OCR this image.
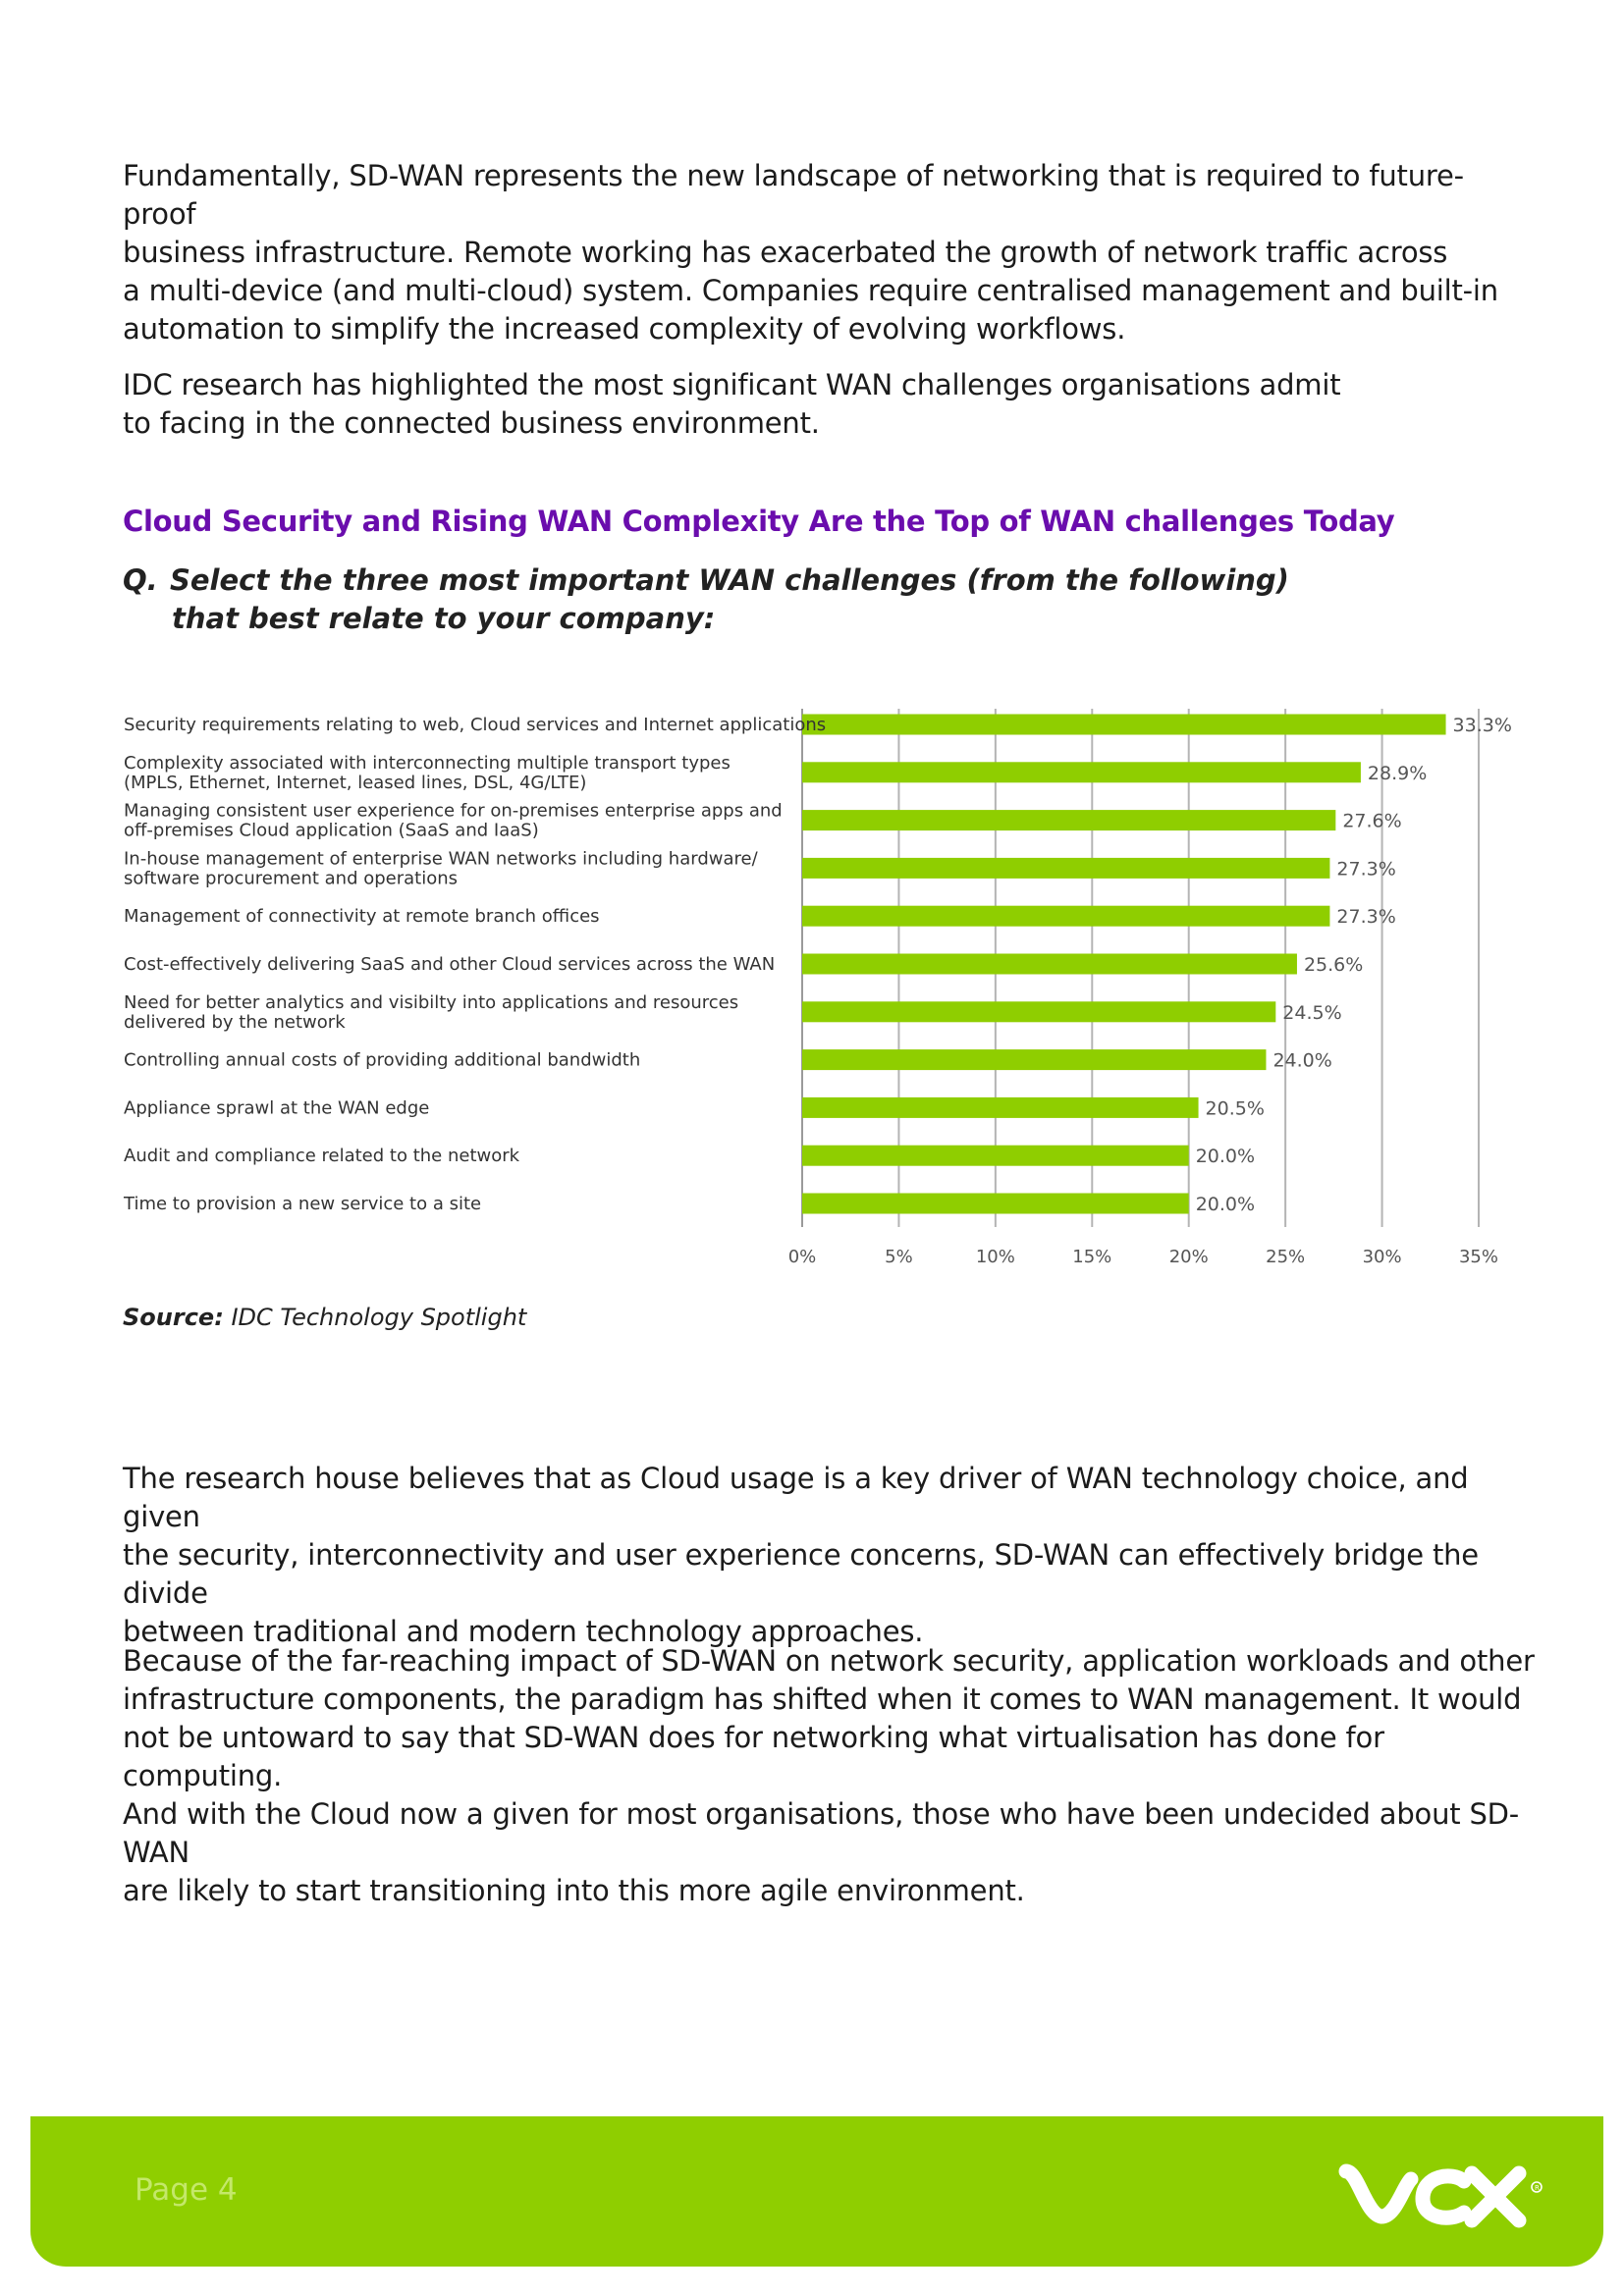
Fundamentally, SD-WAN represents the new landscape of networking that is required to future-proof
business infrastructure. Remote working has exacerbated the growth of network traffic across
a multi-device (and multi-cloud) system. Companies require centralised management and built-in
automation to simplify the increased complexity of evolving workflows.

IDC research has highlighted the most significant WAN challenges organisations admit
to facing in the connected business environment.

Cloud Security and Rising WAN Complexity Are the Top of WAN challenges Today

Q. Select the three most important WAN challenges (from the following)
that best relate to your company:

0%	5%	10%	15%	20%	25%	30%	35%
33.3%
Security requirements relating to web, Cloud services and Internet applications
28.9%
Complexity associated with interconnecting multiple transport types
(MPLS, Ethernet, Internet, leased lines, DSL, 4G/LTE)
27.6%
Managing consistent user experience for on-premises enterprise apps and
off-premises Cloud application (SaaS and IaaS)
27.3%
In-house management of enterprise WAN networks including hardware/
software procurement and operations
27.3%
Management of connectivity at remote branch offices
25.6%
Cost-effectively delivering SaaS and other Cloud services across the WAN
24.5%
Need for better analytics and visibilty into applications and resources
delivered by the network
24.0%
Controlling annual costs of providing additional bandwidth
20.5%
Appliance sprawl at the WAN edge
20.0%
Audit and compliance related to the network
20.0%
Time to provision a new service to a site

Source: IDC Technology Spotlight

The research house believes that as Cloud usage is a key driver of WAN technology choice, and given
the security, interconnectivity and user experience concerns, SD-WAN can effectively bridge the divide
between traditional and modern technology approaches.

Because of the far-reaching impact of SD-WAN on network security, application workloads and other
infrastructure components, the paradigm has shifted when it comes to WAN management. It would
not be untoward to say that SD-WAN does for networking what virtualisation has done for computing.
And with the Cloud now a given for most organisations, those who have been undecided about SD-WAN
are likely to start transitioning into this more agile environment.

Page 4	R
